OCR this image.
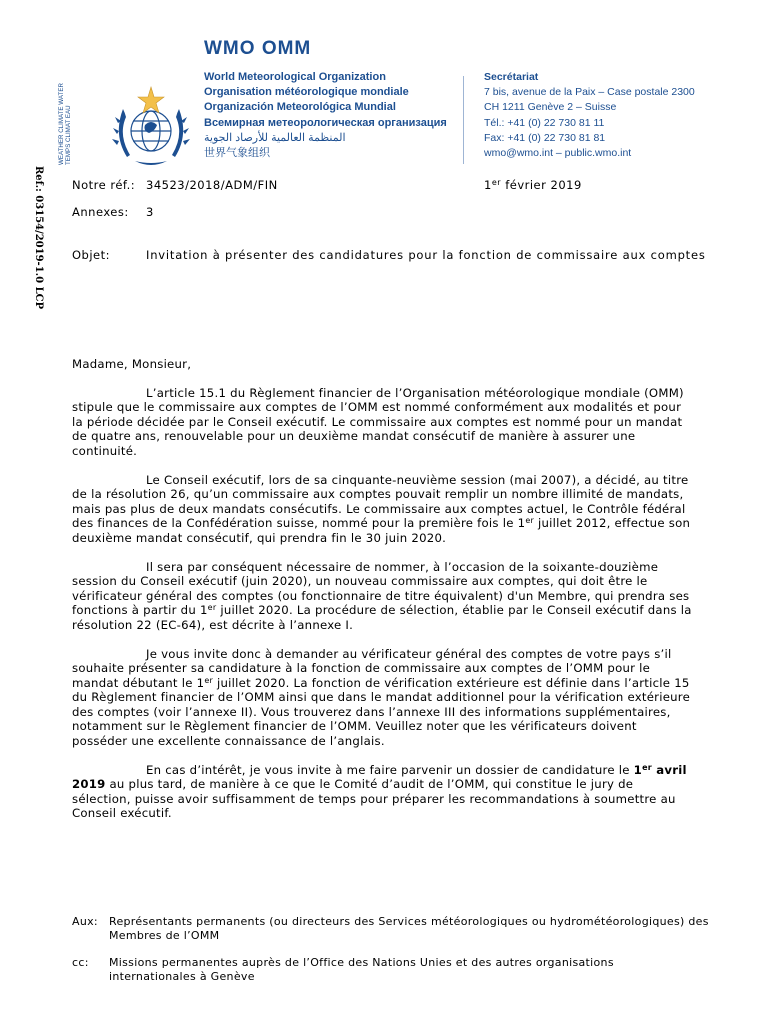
WMO OMM
WEATHER CLIMATE WATER TEMPS CLIMAT EAU
World Meteorological Organization
Organisation météorologique mondiale
Organización Meteorológica Mundial
Всемирная метеорологическая организация
المنظمة العالمية للأرصاد الجوية
世界气象组织
Secrétariat
7 bis, avenue de la Paix – Case postale 2300
CH 1211 Genève 2 – Suisse
Tél.: +41 (0) 22 730 81 11
Fax: +41 (0) 22 730 81 81
wmo@wmo.int – public.wmo.int
Ref.: 03154/2019-1.0 LCP Notre réf.: 34523/2018/ADM/FIN	1er février 2019
Annexes: 3
Objet:	Invitation à présenter des candidatures pour la fonction de commissaire aux comptes

Madame, Monsieur,

L’article 15.1 du Règlement financier de l’Organisation météorologique mondiale (OMM) stipule que le commissaire aux comptes de l’OMM est nommé conformément aux modalités et pour la période décidée par le Conseil exécutif. Le commissaire aux comptes est nommé pour un mandat de quatre ans, renouvelable pour un deuxième mandat consécutif de manière à assurer une continuité.

Le Conseil exécutif, lors de sa cinquante-neuvième session (mai 2007), a décidé, au titre de la résolution 26, qu’un commissaire aux comptes pouvait remplir un nombre illimité de mandats, mais pas plus de deux mandats consécutifs. Le commissaire aux comptes actuel, le Contrôle fédéral des finances de la Confédération suisse, nommé pour la première fois le 1er juillet 2012, effectue son deuxième mandat consécutif, qui prendra fin le 30 juin 2020.

Il sera par conséquent nécessaire de nommer, à l’occasion de la soixante-douzième session du Conseil exécutif (juin 2020), un nouveau commissaire aux comptes, qui doit être le vérificateur général des comptes (ou fonctionnaire de titre équivalent) d'un Membre, qui prendra ses fonctions à partir du 1er juillet 2020. La procédure de sélection, établie par le Conseil exécutif dans la résolution 22 (EC-64), est décrite à l’annexe I.

Je vous invite donc à demander au vérificateur général des comptes de votre pays s’il souhaite présenter sa candidature à la fonction de commissaire aux comptes de l’OMM pour le mandat débutant le 1er juillet 2020. La fonction de vérification extérieure est définie dans l’article 15 du Règlement financier de l’OMM ainsi que dans le mandat additionnel pour la vérification extérieure des comptes (voir l’annexe II). Vous trouverez dans l’annexe III des informations supplémentaires, notamment sur le Règlement financier de l’OMM. Veuillez noter que les vérificateurs doivent posséder une excellente connaissance de l’anglais.

En cas d’intérêt, je vous invite à me faire parvenir un dossier de candidature le 1er avril 2019 au plus tard, de manière à ce que le Comité d’audit de l’OMM, qui constitue le jury de sélection, puisse avoir suffisamment de temps pour préparer les recommandations à soumettre au Conseil exécutif.

Aux: Représentants permanents (ou directeurs des Services météorologiques ou hydrométéorologiques) des Membres de l’OMM
cc: Missions permanentes auprès de l’Office des Nations Unies et des autres organisations internationales à Genève
